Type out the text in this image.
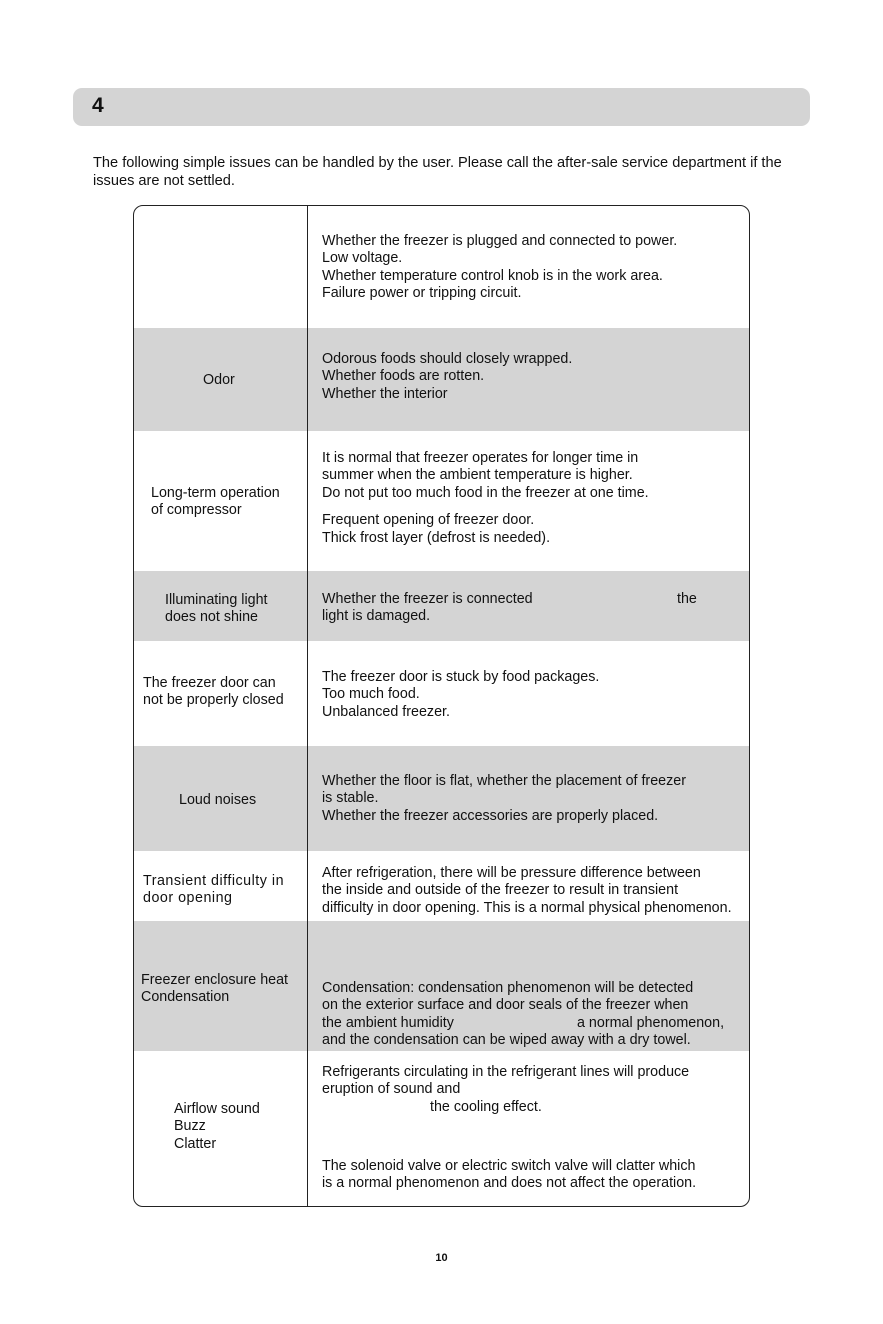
4
The following simple issues can be handled by the user. Please call the after-sale service department if the issues are not settled.
Whether the freezer is plugged and connected to power.
Low voltage.
Whether temperature control knob is in the work area.
Failure power or tripping circuit.
Odor
Odorous foods should closely wrapped.
Whether foods are rotten.
Whether the interior
Long-term operation
of compressor
It is normal that freezer operates for longer time in
summer when the ambient temperature is higher.
Do not put too much food in the freezer at one time.
Frequent opening of freezer door.
Thick frost layer (defrost is needed).
Illuminating light
does not shine
Whether the freezer is connected
light is damaged.
the
The freezer door can
not be properly closed
The freezer door is stuck by food packages.
Too much food.
Unbalanced freezer.
Loud noises
Whether the floor is flat, whether the placement of freezer
is stable.
Whether the freezer accessories are properly placed.
Transient difficulty in
door opening
After refrigeration, there will be pressure difference between
the inside and outside of the freezer to result in transient
difficulty in door opening. This is a normal physical phenomenon.
Freezer enclosure heat
Condensation
Condensation: condensation phenomenon will be detected
on the exterior surface and door seals of the freezer when
the ambient humidity
and the condensation can be wiped away with a dry towel.
a normal phenomenon,
Airflow sound
Buzz
Clatter
Refrigerants circulating in the refrigerant lines will produce
eruption of sound and
the cooling effect.
The solenoid valve or electric switch valve will clatter which
is a normal phenomenon and does not affect the operation.
10
